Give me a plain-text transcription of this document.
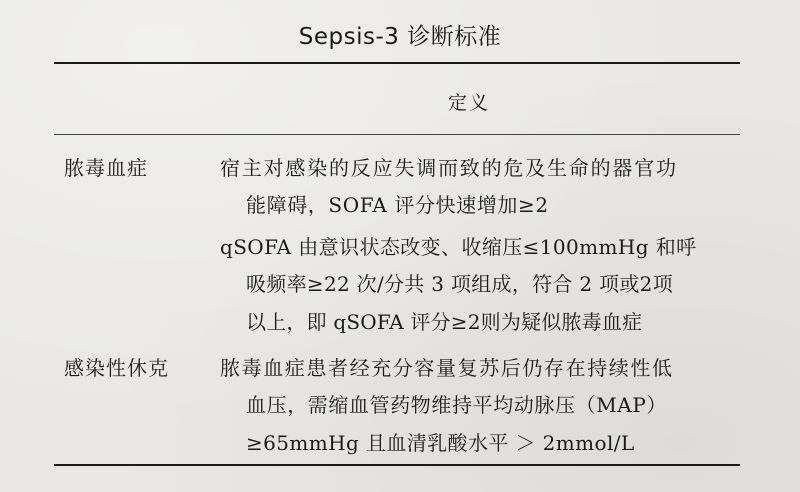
Sepsis-3 诊断标准
定义
脓毒血症	宿主对感染的反应失调而致的危及生命的器官功
能障碍，SOFA 评分快速增加≥2
qSOFA 由意识状态改变、收缩压≤100mmHg 和呼
吸频率≥22 次/分共 3 项组成，符合 2 项或2项
以上，即 qSOFA 评分≥2则为疑似脓毒血症
感染性休克	脓毒血症患者经充分容量复苏后仍存在持续性低
血压，需缩血管药物维持平均动脉压（MAP）
≥65mmHg 且血清乳酸水平 ＞ 2mmol/L
